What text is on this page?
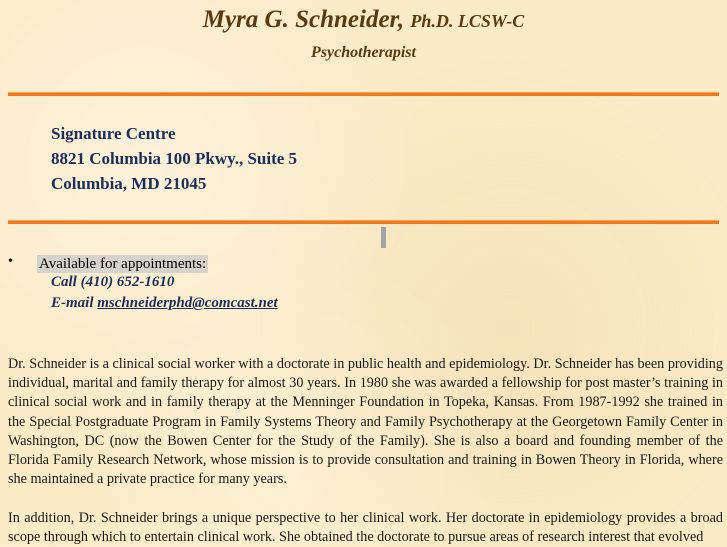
Myra G. Schneider, Ph.D. LCSW-C
Psychotherapist
Signature Centre
8821 Columbia 100 Pkwy., Suite 5
Columbia, MD 21045
• Available for appointments:
Call (410) 652-1610
E-mail mschneiderphd@comcast.net
Dr. Schneider is a clinical social worker with a doctorate in public health and epidemiology. Dr. Schneider has been providing individual, marital and family therapy for almost 30 years. In 1980 she was awarded a fellowship for post master’s training in clinical social work and in family therapy at the Menninger Foundation in Topeka, Kansas. From 1987-1992 she trained in the Special Postgraduate Program in Family Systems Theory and Family Psychotherapy at the Georgetown Family Center in Washington, DC (now the Bowen Center for the Study of the Family). She is also a board and founding member of the Florida Family Research Network, whose mission is to provide consultation and training in Bowen Theory in Florida, where she maintained a private practice for many years.
In addition, Dr. Schneider brings a unique perspective to her clinical work. Her doctorate in epidemiology provides a broad scope through which to entertain clinical work. She obtained the doctorate to pursue areas of research interest that evolved
